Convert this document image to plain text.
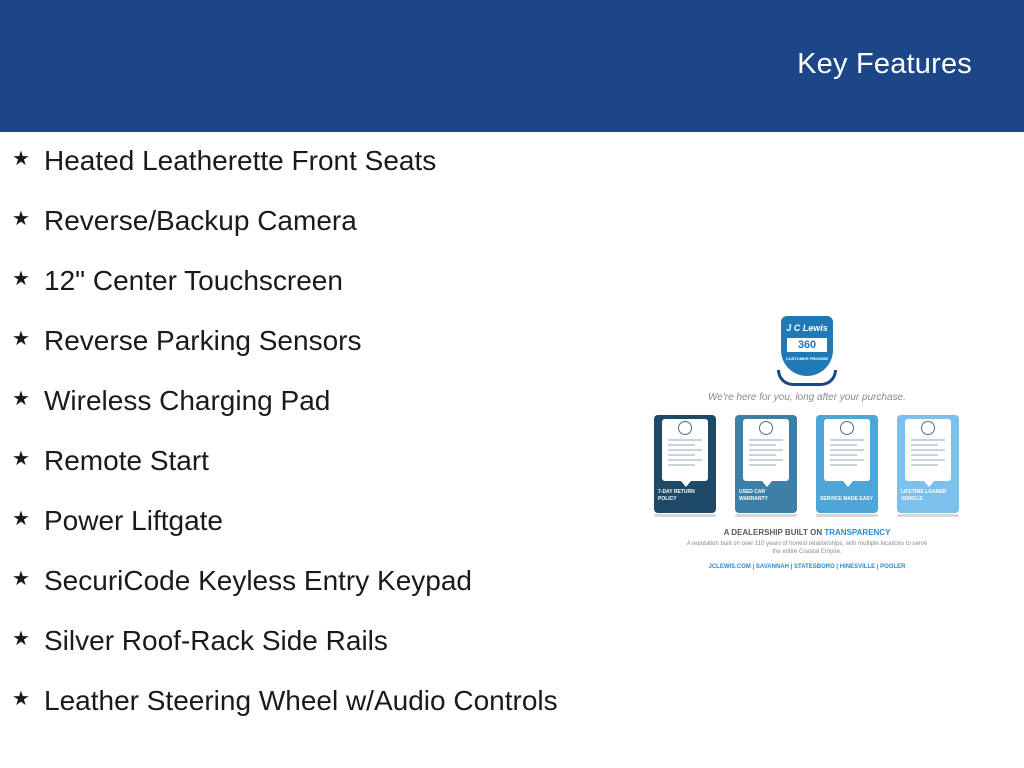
Key Features
★ Heated Leatherette Front Seats
★ Reverse/Backup Camera
★ 12" Center Touchscreen
★ Reverse Parking Sensors
★ Wireless Charging Pad
★ Remote Start
★ Power Liftgate
★ SecuriCode Keyless Entry Keypad
★ Silver Roof-Rack Side Rails
★ Leather Steering Wheel w/Audio Controls
J C Lewis
360
CUSTOMER PROMISE
We're here for you, long after your purchase.
7-DAY RETURN POLICY
USED CAR WARRANTY	SERVICE MADE EASY
LIFETIME LOANER VEHICLE
A DEALERSHIP BUILT ON TRANSPARENCY
A reputation built on over 110 years of honest relationships, with multiple locations to serve the entire Coastal Empire.
JCLEWIS.COM | SAVANNAH | STATESBORO | HINESVILLE | POOLER
